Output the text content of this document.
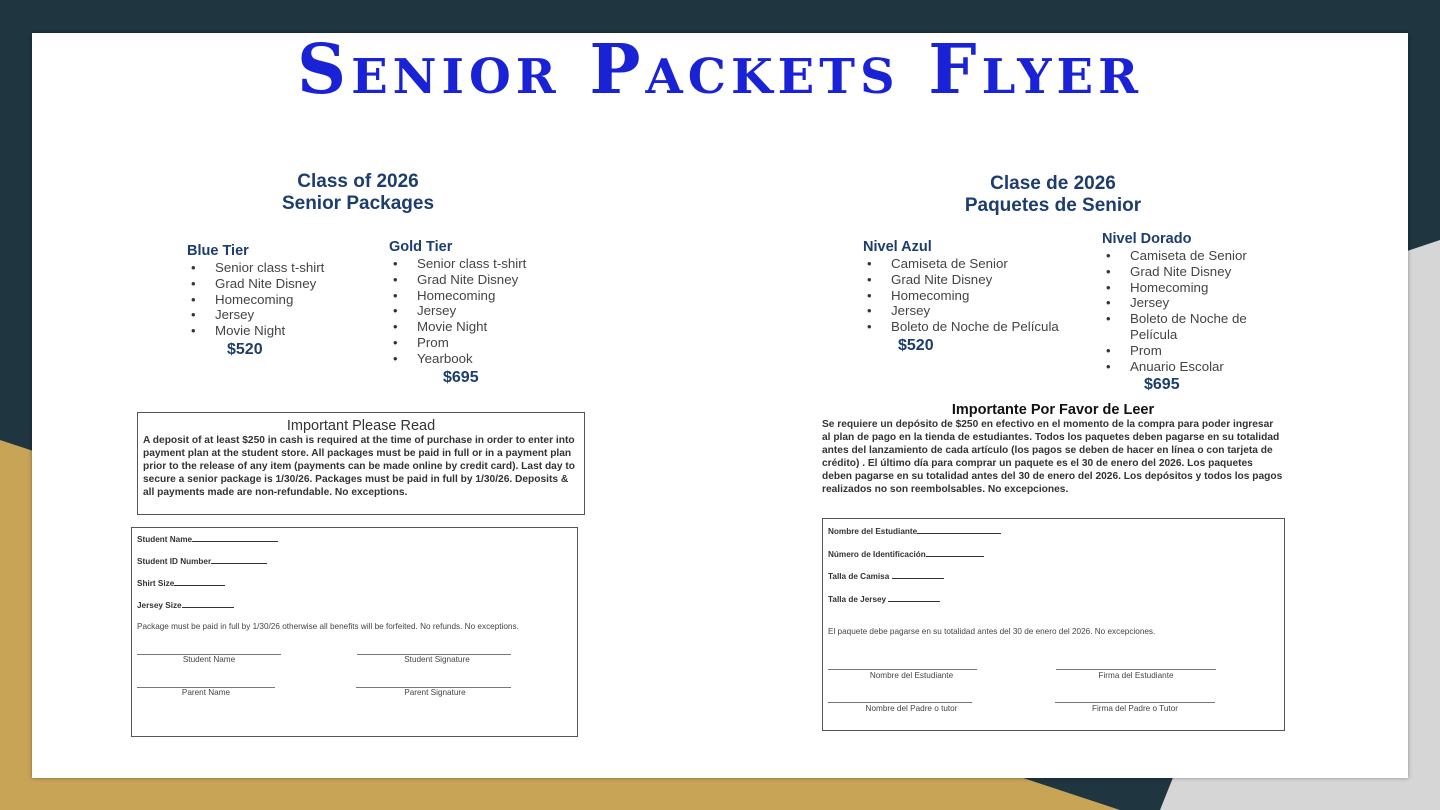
Senior Packets Flyer
Class of 2026
Senior Packages
Blue Tier
• Senior class t-shirt
• Grad Nite Disney
• Homecoming
• Jersey
• Movie Night
$520
Gold Tier
• Senior class t-shirt
• Grad Nite Disney
• Homecoming
• Jersey
• Movie Night
• Prom
• Yearbook
$695
Important Please Read
A deposit of at least $250 in cash is required at the time of purchase in order to enter into payment plan at the student store. All packages must be paid in full or in a payment plan prior to the release of any item (payments can be made online by credit card). Last day to secure a senior package is 1/30/26. Packages must be paid in full by 1/30/26. Deposits & all payments made are non-refundable. No exceptions.
Student Name
Student ID Number
Shirt Size
Jersey Size
Package must be paid in full by 1/30/26 otherwise all benefits will be forfeited. No refunds. No exceptions.
Student Name	Student Signature
Parent Name	Parent Signature
Clase de 2026
Paquetes de Senior
Nivel Azul
• Camiseta de Senior
• Grad Nite Disney
• Homecoming
• Jersey
• Boleto de Noche de Película
$520
Nivel Dorado
• Camiseta de Senior
• Grad Nite Disney
• Homecoming
• Jersey
• Boleto de Noche de Película
• Prom
• Anuario Escolar
$695
Importante Por Favor de Leer
Se requiere un depósito de $250 en efectivo en el momento de la compra para poder ingresar al plan de pago en la tienda de estudiantes. Todos los paquetes deben pagarse en su totalidad antes del lanzamiento de cada artículo (los pagos se deben de hacer en línea o con tarjeta de crédito) . El último día para comprar un paquete es el 30 de enero del 2026. Los paquetes deben pagarse en su totalidad antes del 30 de enero del 2026. Los depósitos y todos los pagos realizados no son reembolsables. No excepciones.
Nombre del Estudiante
Número de Identificación
Talla de Camisa
Talla de Jersey
El paquete debe pagarse en su totalidad antes del 30 de enero del 2026. No excepciones.
Nombre del Estudiante	Firma del Estudiante
Nombre del Padre o tutor	Firma del Padre o Tutor
